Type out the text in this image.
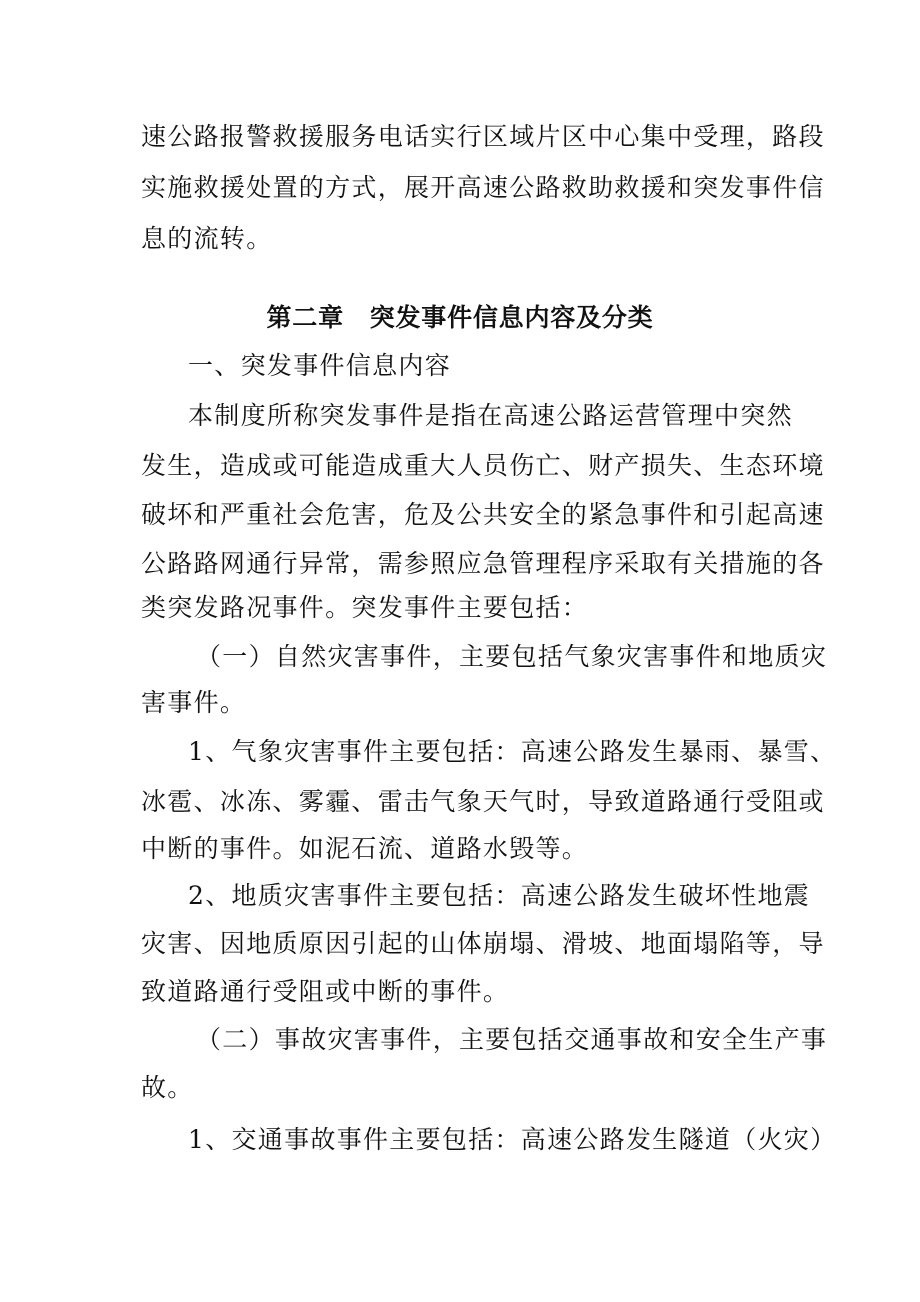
速公路报警救援服务电话实行区域片区中心集中受理，路段
实施救援处置的方式，展开高速公路救助救援和突发事件信
息的流转。
第二章　突发事件信息内容及分类
一、突发事件信息内容
本制度所称突发事件是指在高速公路运营管理中突然
发生，造成或可能造成重大人员伤亡、财产损失、生态环境
破坏和严重社会危害，危及公共安全的紧急事件和引起高速
公路路网通行异常，需参照应急管理程序采取有关措施的各
类突发路况事件。突发事件主要包括：
（一）自然灾害事件，主要包括气象灾害事件和地质灾
害事件。
1、气象灾害事件主要包括：高速公路发生暴雨、暴雪、
冰雹、冰冻、雾霾、雷击气象天气时，导致道路通行受阻或
中断的事件。如泥石流、道路水毁等。
2、地质灾害事件主要包括：高速公路发生破坏性地震
灾害、因地质原因引起的山体崩塌、滑坡、地面塌陷等，导
致道路通行受阻或中断的事件。
（二）事故灾害事件，主要包括交通事故和安全生产事
故。
1、交通事故事件主要包括：高速公路发生隧道（火灾）
